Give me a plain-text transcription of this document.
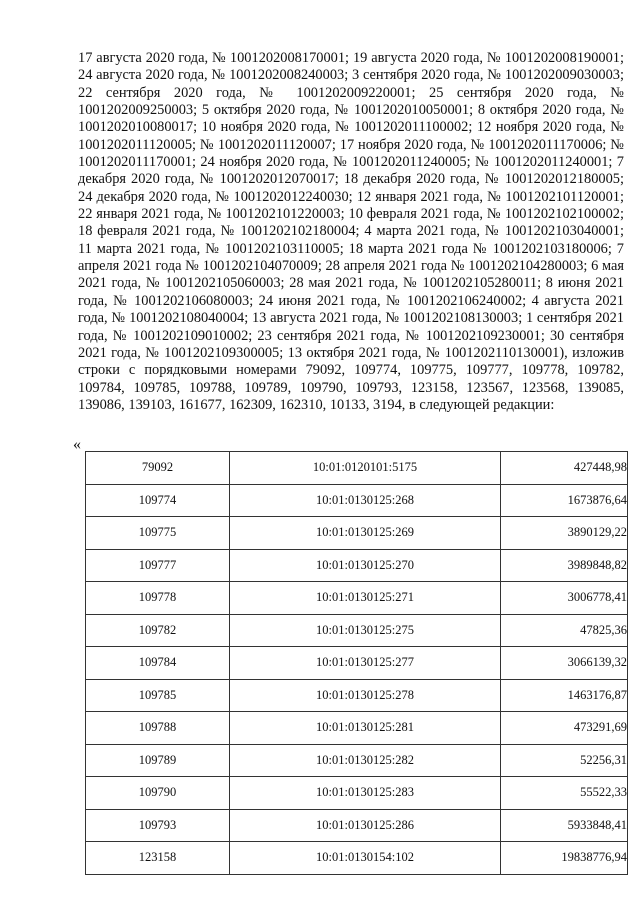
17 августа 2020 года, № 1001202008170001; 19 августа 2020 года, № 1001202008190001; 24 августа 2020 года, № 1001202008240003; 3 сентября 2020 года, № 1001202009030003; 22 сентября 2020 года, № 1001202009220001; 25 сентября 2020 года, № 1001202009250003; 5 октября 2020 года, № 1001202010050001; 8 октября 2020 года, № 1001202010080017; 10 ноября 2020 года, № 1001202011100002; 12 ноября 2020 года, № 1001202011120005; № 1001202011120007; 17 ноября 2020 года, № 1001202011170006; № 1001202011170001; 24 ноября 2020 года, № 1001202011240005; № 1001202011240001; 7 декабря 2020 года, № 1001202012070017; 18 декабря 2020 года, № 1001202012180005; 24 декабря 2020 года, № 1001202012240030; 12 января 2021 года, № 1001202101120001; 22 января 2021 года, № 1001202101220003; 10 февраля 2021 года, № 1001202102100002; 18 февраля 2021 года, № 1001202102180004; 4 марта 2021 года, № 1001202103040001; 11 марта 2021 года, № 1001202103110005; 18 марта 2021 года № 1001202103180006; 7 апреля 2021 года № 1001202104070009; 28 апреля 2021 года № 1001202104280003; 6 мая 2021 года, № 1001202105060003; 28 мая 2021 года, № 1001202105280011; 8 июня 2021 года, № 1001202106080003; 24 июня 2021 года, № 1001202106240002; 4 августа 2021 года, № 1001202108040004; 13 августа 2021 года, № 1001202108130003; 1 сентября 2021 года, № 1001202109010002; 23 сентября 2021 года, № 1001202109230001; 30 сентября 2021 года, № 1001202109300005; 13 октября 2021 года, № 1001202110130001), изложив строки с порядковыми номерами 79092, 109774, 109775, 109777, 109778, 109782, 109784, 109785, 109788, 109789, 109790, 109793, 123158, 123567, 123568, 139085, 139086, 139103, 161677, 162309, 162310, 10133, 3194, в следующей редакции:

«
79092	10:01:0120101:5175	427448,98
109774	10:01:0130125:268	1673876,64
109775	10:01:0130125:269	3890129,22
109777	10:01:0130125:270	3989848,82
109778	10:01:0130125:271	3006778,41
109782	10:01:0130125:275	47825,36
109784	10:01:0130125:277	3066139,32
109785	10:01:0130125:278	1463176,87
109788	10:01:0130125:281	473291,69
109789	10:01:0130125:282	52256,31
109790	10:01:0130125:283	55522,33
109793	10:01:0130125:286	5933848,41
123158	10:01:0130154:102	19838776,94
